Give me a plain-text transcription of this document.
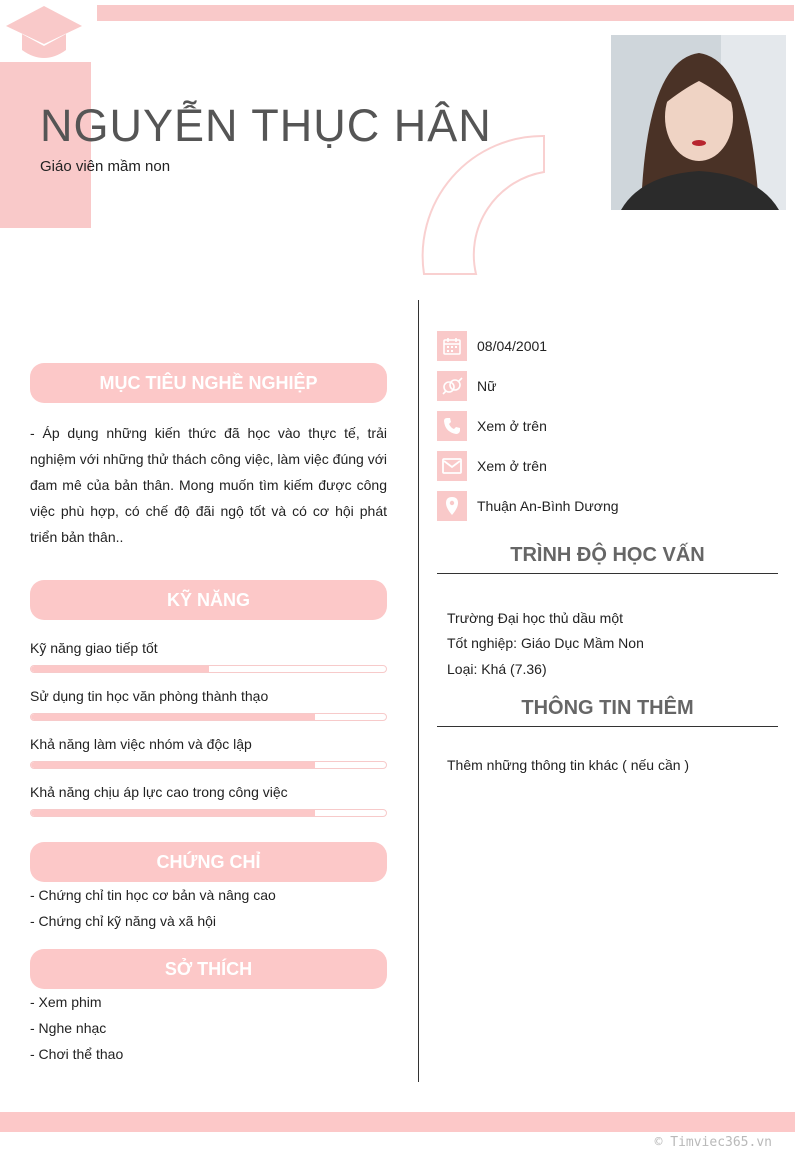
NGUYỄN THỤC HÂN
Giáo viên mầm non
MỤC TIÊU NGHỀ NGHIỆP

- Áp dụng những kiến thức đã học vào thực tế, trải nghiệm với những thử thách công việc, làm việc đúng với đam mê của bản thân. Mong muốn tìm kiếm được công việc phù hợp, có chế độ đãi ngộ tốt và có cơ hội phát triển bản thân..

KỸ NĂNG
Kỹ năng giao tiếp tốt
Sử dụng tin học văn phòng thành thạo
Khả năng làm việc nhóm và độc lập
Khả năng chịu áp lực cao trong công việc
CHỨNG CHỈ
- Chứng chỉ tin học cơ bản và nâng cao
- Chứng chỉ kỹ năng và xã hội
SỞ THÍCH
- Xem phim
- Nghe nhạc
- Chơi thể thao
08/04/2001
Nữ
Xem ở trên
Xem ở trên
Thuận An-Bình Dương
TRÌNH ĐỘ HỌC VẤN
Trường Đại học thủ dầu một
Tốt nghiệp: Giáo Dục Mầm Non
Loại: Khá (7.36)
THÔNG TIN THÊM
Thêm những thông tin khác ( nếu cần )
© Timviec365.vn
